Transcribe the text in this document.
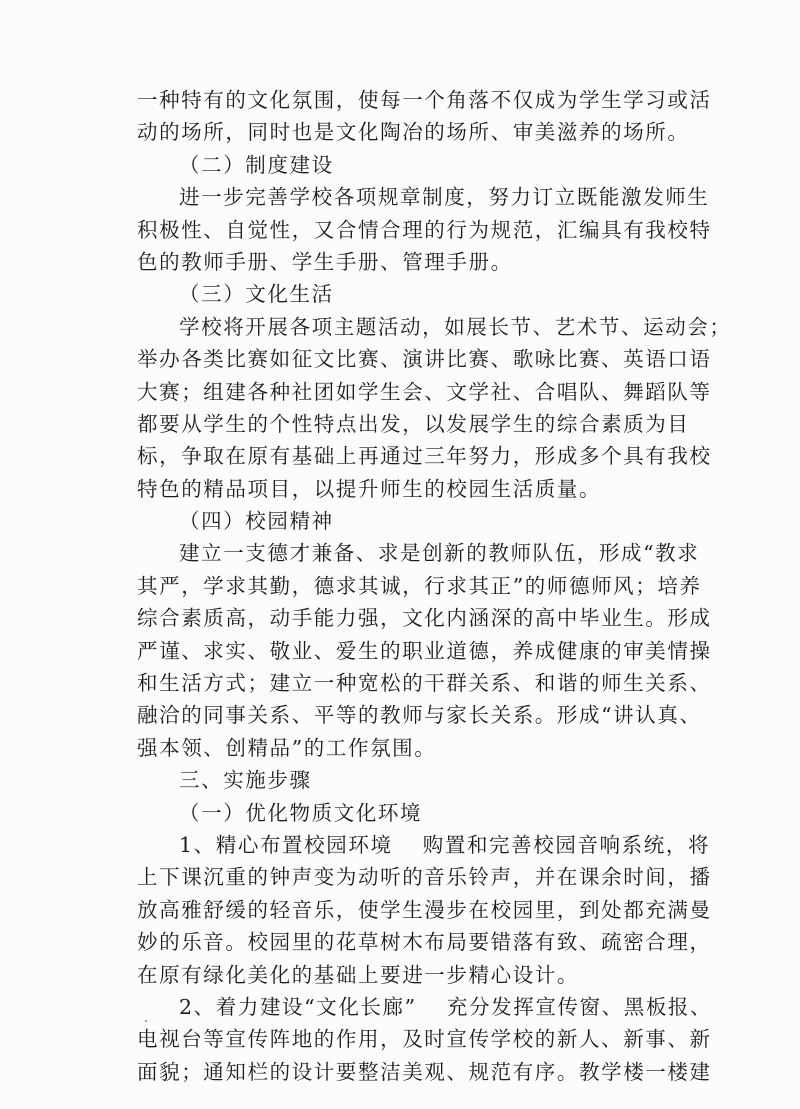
一种特有的文化氛围，使每一个角落不仅成为学生学习或活
动的场所，同时也是文化陶冶的场所、审美滋养的场所。
（二）制度建设
进一步完善学校各项规章制度，努力订立既能激发师生
积极性、自觉性，又合情合理的行为规范，汇编具有我校特
色的教师手册、学生手册、管理手册。
（三）文化生活
学校将开展各项主题活动，如展长节、艺术节、运动会；
举办各类比赛如征文比赛、演讲比赛、歌咏比赛、英语口语
大赛；组建各种社团如学生会、文学社、合唱队、舞蹈队等
都要从学生的个性特点出发，以发展学生的综合素质为目
标，争取在原有基础上再通过三年努力，形成多个具有我校
特色的精品项目，以提升师生的校园生活质量。
（四）校园精神
建立一支德才兼备、求是创新的教师队伍，形成“教求
其严，学求其勤，德求其诚，行求其正”的师德师风；培养
综合素质高，动手能力强，文化内涵深的高中毕业生。形成
严谨、求实、敬业、爱生的职业道德，养成健康的审美情操
和生活方式；建立一种宽松的干群关系、和谐的师生关系、
融洽的同事关系、平等的教师与家长关系。形成“讲认真、
强本领、创精品”的工作氛围。
三、实施步骤
（一）优化物质文化环境
1、精心布置校园环境　 购置和完善校园音响系统，将
上下课沉重的钟声变为动听的音乐铃声，并在课余时间，播
放高雅舒缓的轻音乐，使学生漫步在校园里，到处都充满曼
妙的乐音。校园里的花草树木布局要错落有致、疏密合理，
在原有绿化美化的基础上要进一步精心设计。
2、着力建设“文化长廊”　 充分发挥宣传窗、黑板报、
电视台等宣传阵地的作用，及时宣传学校的新人、新事、新
面貌；通知栏的设计要整洁美观、规范有序。教学楼一楼建
